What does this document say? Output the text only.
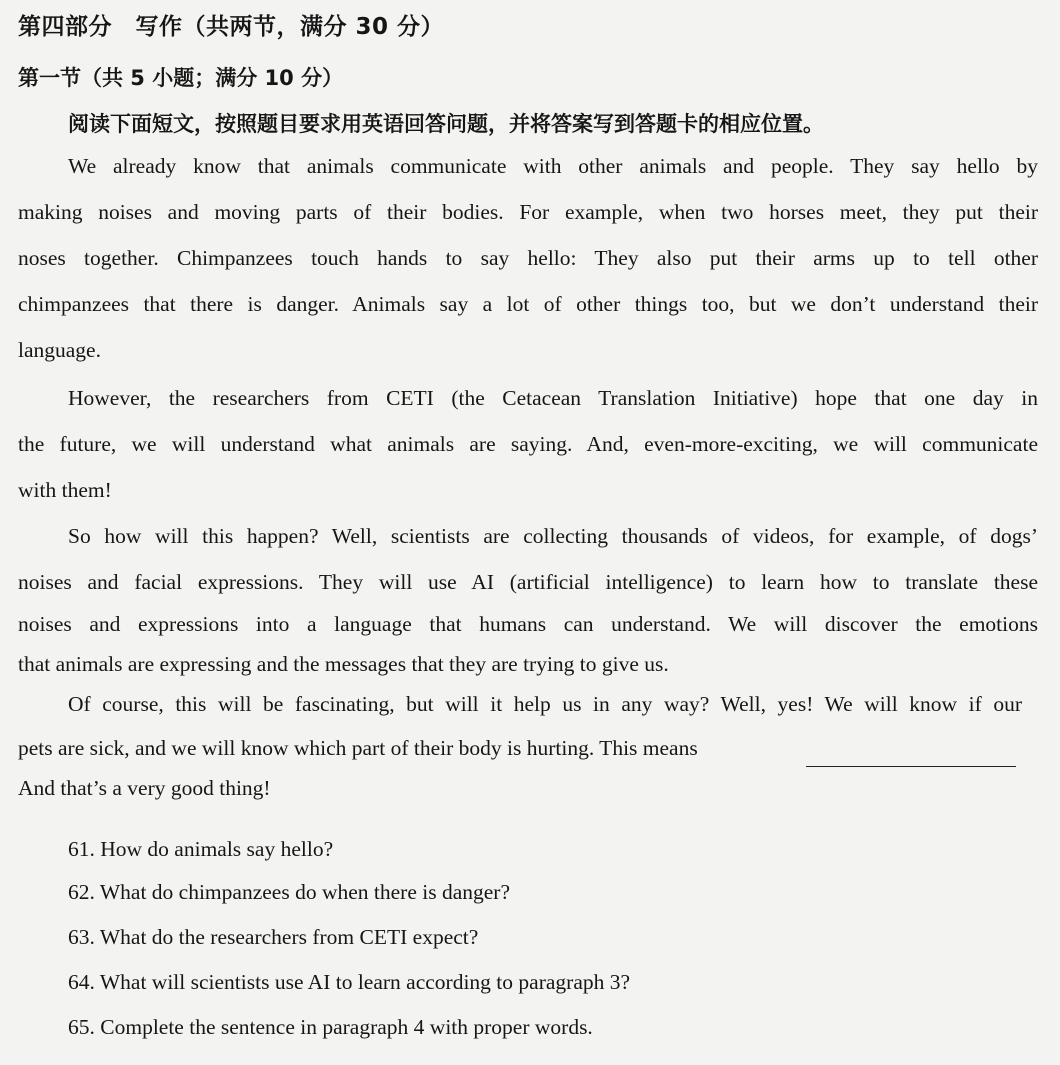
第四部分　写作（共两节，满分 30 分）
第一节（共 5 小题；满分 10 分）
阅读下面短文，按照题目要求用英语回答问题，并将答案写到答题卡的相应位置。
We already know that animals communicate with other animals and people. They say hello by
making noises and moving parts of their bodies. For example, when two horses meet, they put their
noses together. Chimpanzees touch hands to say hello: They also put their arms up to tell other
chimpanzees that there is danger. Animals say a lot of other things too, but we don’t understand their
language.
However, the researchers from CETI (the Cetacean Translation Initiative) hope that one day in
the future, we will understand what animals are saying. And, even-more-exciting, we will communicate
with them!
So how will this happen? Well, scientists are collecting thousands of videos, for example, of dogs’
noises and facial expressions. They will use AI (artificial intelligence) to learn how to translate these
noises and expressions into a language that humans can understand. We will discover the emotions
that animals are expressing and the messages that they are trying to give us.
Of course, this will be fascinating, but will it help us in any way? Well, yes! We will know if our
pets are sick, and we will know which part of their body is hurting. This means
And that’s a very good thing!
61. How do animals say hello?
62. What do chimpanzees do when there is danger?
63. What do the researchers from CETI expect?
64. What will scientists use AI to learn according to paragraph 3?
65. Complete the sentence in paragraph 4 with proper words.
